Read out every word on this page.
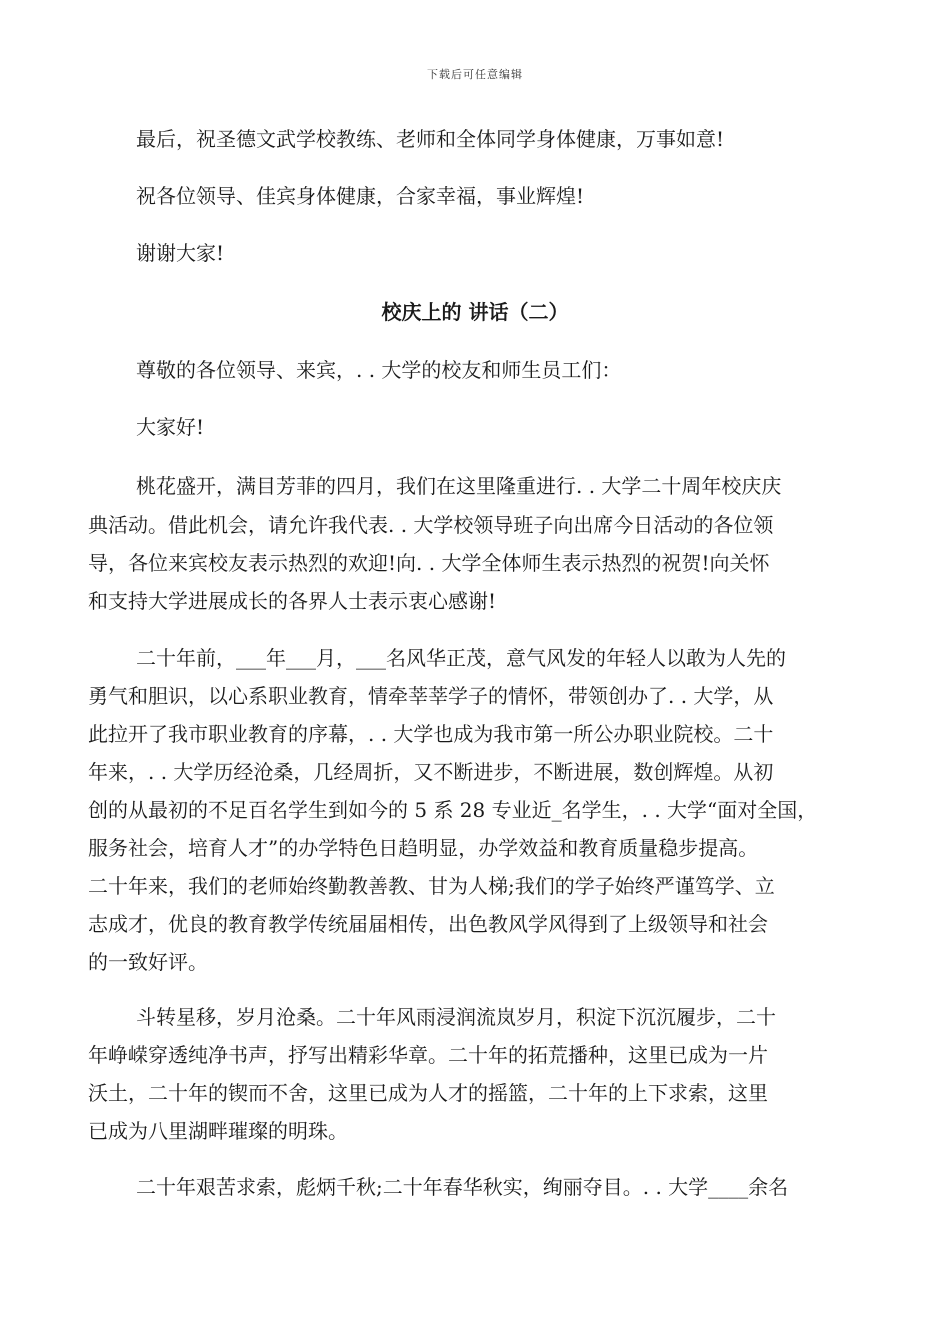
下载后可任意编辑
最后，祝圣德文武学校教练、老师和全体同学身体健康，万事如意!
祝各位领导、佳宾身体健康，合家幸福，事业辉煌!
谢谢大家!
校庆上的 讲话（二）
尊敬的各位领导、来宾，. . 大学的校友和师生员工们：
大家好!
桃花盛开，满目芳菲的四月，我们在这里隆重进行. . 大学二十周年校庆庆
典活动。借此机会，请允许我代表. . 大学校领导班子向出席今日活动的各位领
导，各位来宾校友表示热烈的欢迎!向. . 大学全体师生表示热烈的祝贺!向关怀
和支持大学进展成长的各界人士表示衷心感谢!
二十年前，___年___月，___名风华正茂，意气风发的年轻人以敢为人先的
勇气和胆识，以心系职业教育，情牵莘莘学子的情怀，带领创办了. . 大学，从
此拉开了我市职业教育的序幕，. . 大学也成为我市第一所公办职业院校。二十
年来，. . 大学历经沧桑，几经周折，又不断进步，不断进展，数创辉煌。从初
创的从最初的不足百名学生到如今的 5 系 28 专业近_名学生，. . 大学“面对全国，
服务社会，培育人才”的办学特色日趋明显，办学效益和教育质量稳步提高。
二十年来，我们的老师始终勤教善教、甘为人梯;我们的学子始终严谨笃学、立
志成才，优良的教育教学传统届届相传，出色教风学风得到了上级领导和社会
的一致好评。
斗转星移，岁月沧桑。二十年风雨浸润流岚岁月，积淀下沉沉履步，二十
年峥嵘穿透纯净书声，抒写出精彩华章。二十年的拓荒播种，这里已成为一片
沃土，二十年的锲而不舍，这里已成为人才的摇篮，二十年的上下求索，这里
已成为八里湖畔璀璨的明珠。
二十年艰苦求索，彪炳千秋;二十年春华秋实，绚丽夺目。. . 大学____余名
